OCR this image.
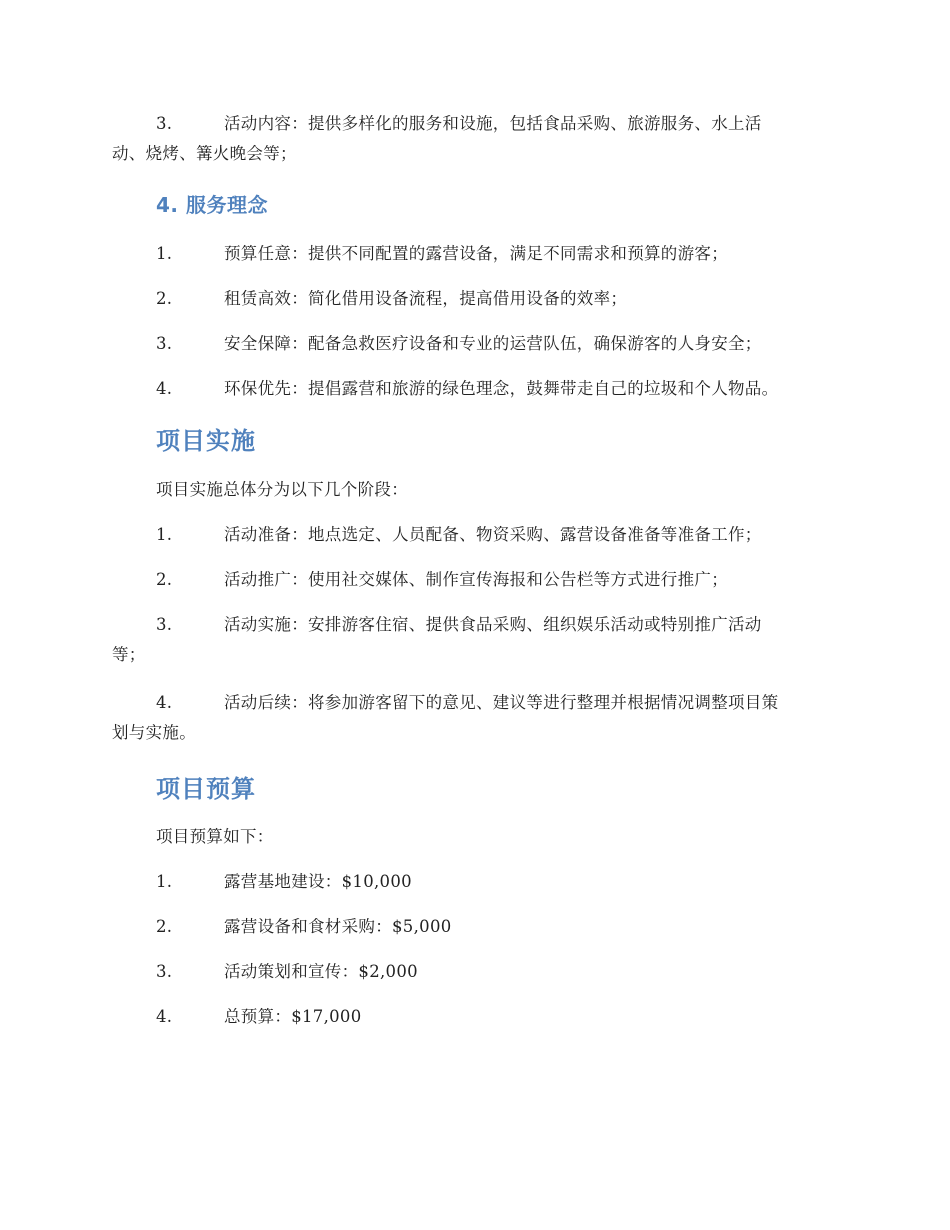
3.	活动内容：提供多样化的服务和设施，包括食品采购、旅游服务、水上活
动、烧烤、篝火晚会等；
4. 服务理念
1.	预算任意：提供不同配置的露营设备，满足不同需求和预算的游客；
2.	租赁高效：简化借用设备流程，提高借用设备的效率；
3.	安全保障：配备急救医疗设备和专业的运营队伍，确保游客的人身安全；
4.	环保优先：提倡露营和旅游的绿色理念，鼓舞带走自己的垃圾和个人物品。
项目实施
项目实施总体分为以下几个阶段：
1.	活动准备：地点选定、人员配备、物资采购、露营设备准备等准备工作；
2.	活动推广：使用社交媒体、制作宣传海报和公告栏等方式进行推广；
3.	活动实施：安排游客住宿、提供食品采购、组织娱乐活动或特别推广活动
等；
4.	活动后续：将参加游客留下的意见、建议等进行整理并根据情况调整项目策
划与实施。
项目预算
项目预算如下：
1.	露营基地建设：$10,000
2.	露营设备和食材采购：$5,000
3.	活动策划和宣传：$2,000
4.	总预算：$17,000
